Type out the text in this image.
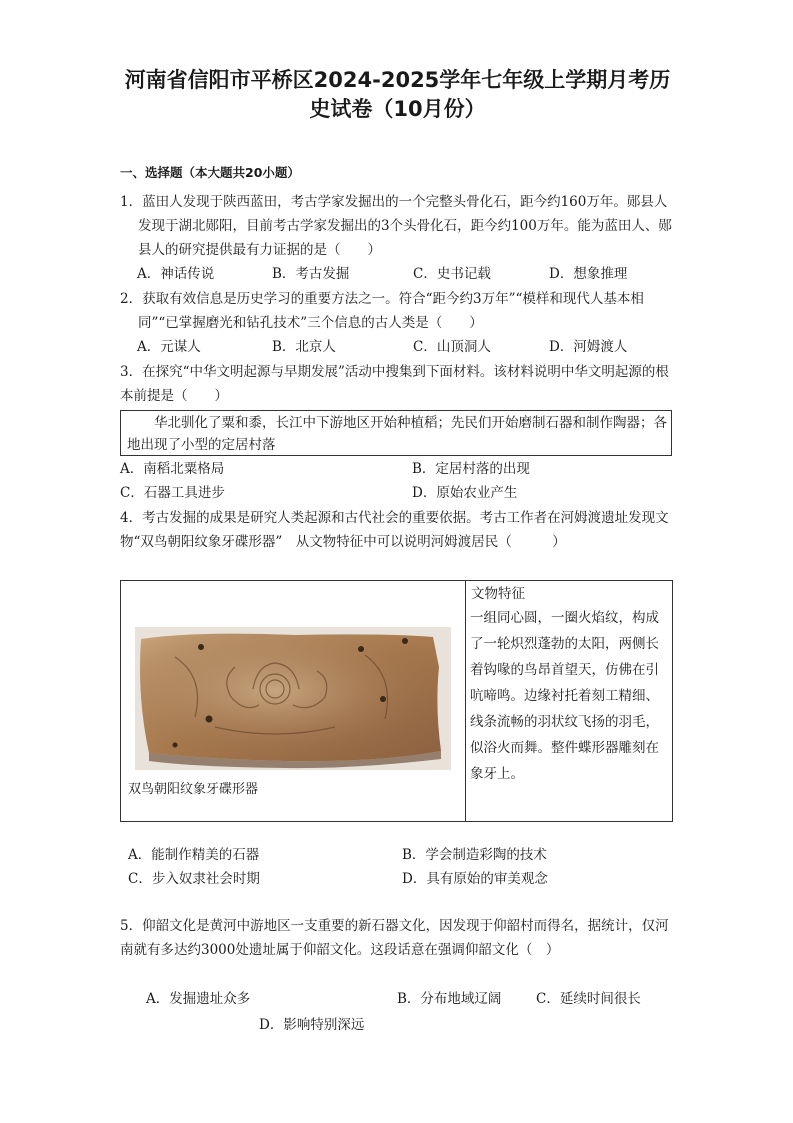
河南省信阳市平桥区2024-2025学年七年级上学期月考历
史试卷（10月份）
一、选择题（本大题共20小题）
1．蓝田人发现于陕西蓝田，考古学家发掘出的一个完整头骨化石，距今约160万年。郧县人发现于湖北郧阳，目前考古学家发掘出的3个头骨化石，距今约100万年。能为蓝田人、郧县人的研究提供最有力证据的是（　　）
A．神话传说	B．考古发掘	C．史书记载	D．想象推理
2．获取有效信息是历史学习的重要方法之一。符合“距今约3万年”“模样和现代人基本相同”“已掌握磨光和钻孔技术”三个信息的古人类是（　　）
A．元谋人	B．北京人	C．山顶洞人	D．河姆渡人
3．在探究“中华文明起源与早期发展”活动中搜集到下面材料。该材料说明中华文明起源的根本前提是（　　）
华北驯化了粟和黍，长江中下游地区开始种植稻；先民们开始磨制石器和制作陶器；各地出现了小型的定居村落
A．南稻北粟格局	B．定居村落的出现
C．石器工具进步	D．原始农业产生
4．考古发掘的成果是研究人类起源和古代社会的重要依据。考古工作者在河姆渡遗址发现文物“双鸟朝阳纹象牙碟形器”　从文物特征中可以说明河姆渡居民（　　　）
双鸟朝阳纹象牙碟形器
文物特征
一组同心圆，一圈火焰纹，构成了一轮炽烈蓬勃的太阳，两侧长着钩喙的鸟昂首望天，仿佛在引吭啼鸣。边缘衬托着刻工精细、线条流畅的羽状纹飞扬的羽毛，似浴火而舞。整件蝶形器雕刻在象牙上。
A．能制作精美的石器	B．学会制造彩陶的技术
C．步入奴隶社会时期	D．具有原始的审美观念
5．仰韶文化是黄河中游地区一支重要的新石器文化，因发现于仰韶村而得名，据统计，仅河南就有多达约3000处遗址属于仰韶文化。这段话意在强调仰韶文化（　）
A．发掘遗址众多	B．分布地域辽阔	C．延续时间很长
D．影响特别深远
